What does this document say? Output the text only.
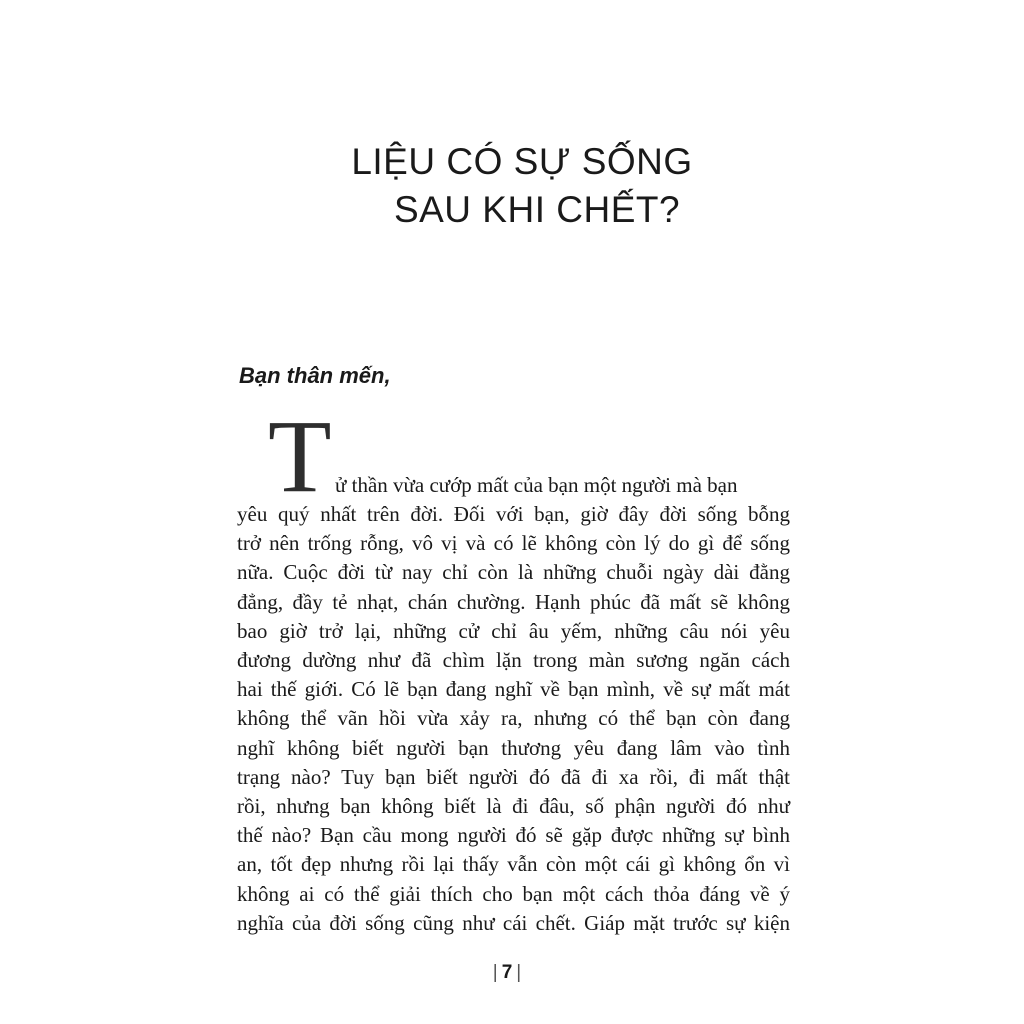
LIỆU CÓ SỰ SỐNG
SAU KHI CHẾT?
Bạn thân mến,
T ử thần vừa cướp mất của bạn một người mà bạn
yêu quý nhất trên đời. Đối với bạn, giờ đây đời sống bỗng
trở nên trống rỗng, vô vị và có lẽ không còn lý do gì để sống
nữa. Cuộc đời từ nay chỉ còn là những chuỗi ngày dài đằng
đẳng, đầy tẻ nhạt, chán chường. Hạnh phúc đã mất sẽ không
bao giờ trở lại, những cử chỉ âu yếm, những câu nói yêu
đương dường như đã chìm lặn trong màn sương ngăn cách
hai thế giới. Có lẽ bạn đang nghĩ về bạn mình, về sự mất mát
không thể vãn hồi vừa xảy ra, nhưng có thể bạn còn đang
nghĩ không biết người bạn thương yêu đang lâm vào tình
trạng nào? Tuy bạn biết người đó đã đi xa rồi, đi mất thật
rồi, nhưng bạn không biết là đi đâu, số phận người đó như
thế nào? Bạn cầu mong người đó sẽ gặp được những sự bình
an, tốt đẹp nhưng rồi lại thấy vẫn còn một cái gì không ổn vì
không ai có thể giải thích cho bạn một cách thỏa đáng về ý
nghĩa của đời sống cũng như cái chết. Giáp mặt trước sự kiện
| 7 |
